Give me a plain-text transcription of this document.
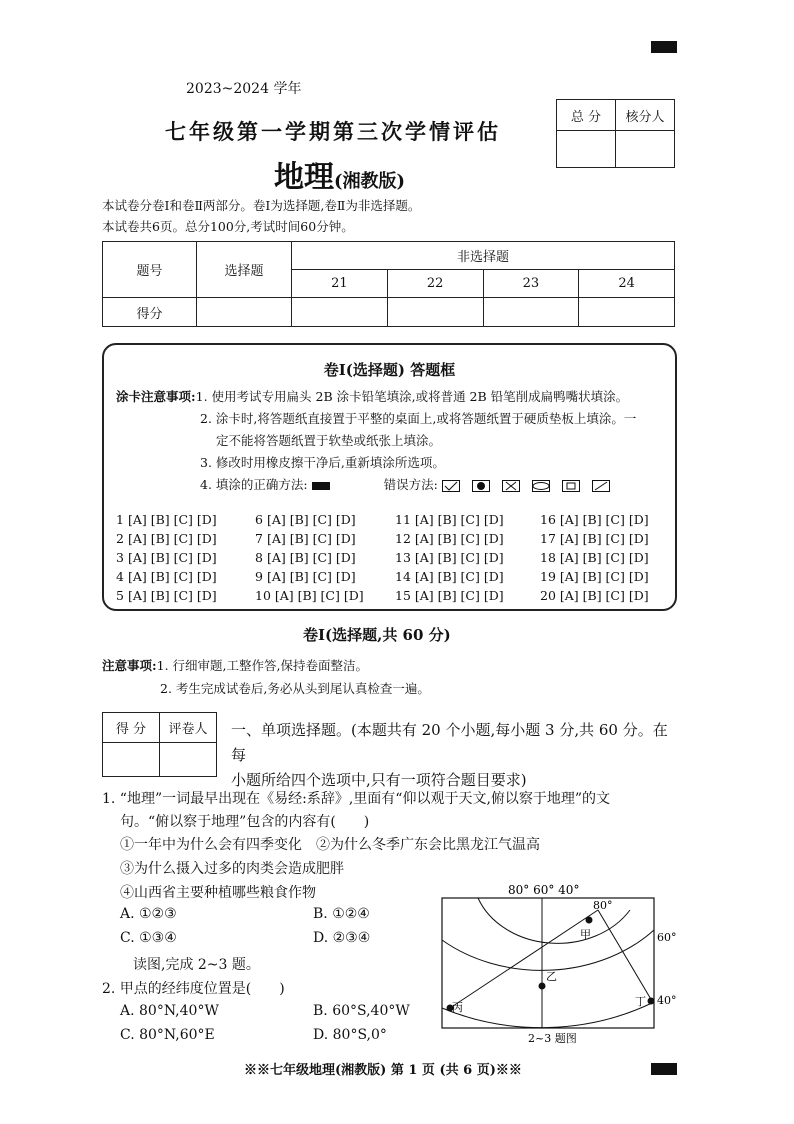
2023~2024 学年
七年级第一学期第三次学情评估
地理(湘教版)
总 分	核分人

本试卷分卷Ⅰ和卷Ⅱ两部分。卷Ⅰ为选择题,卷Ⅱ为非选择题。
本试卷共6页。总分100分,考试时间60分钟。
题号	选择题	非选择题			
		21	22	23	24
得分					
卷Ⅰ(选择题) 答题框
涂卡注意事项:1. 使用考试专用扁头 2B 涂卡铅笔填涂,或将普通 2B 铅笔削成扁鸭嘴状填涂。
2. 涂卡时,将答题纸直接置于平整的桌面上,或将答题纸置于硬质垫板上填涂。一
定不能将答题纸置于软垫或纸张上填涂。
3. 修改时用橡皮擦干净后,重新填涂所选项。
4. 填涂的正确方法:	错误方法:
1 [A] [B] [C] [D]
2 [A] [B] [C] [D]
3 [A] [B] [C] [D]
4 [A] [B] [C] [D]
5 [A] [B] [C] [D]
6 [A] [B] [C] [D]
7 [A] [B] [C] [D]
8 [A] [B] [C] [D]
9 [A] [B] [C] [D]
10 [A] [B] [C] [D]
11 [A] [B] [C] [D]
12 [A] [B] [C] [D]
13 [A] [B] [C] [D]
14 [A] [B] [C] [D]
15 [A] [B] [C] [D]
16 [A] [B] [C] [D]
17 [A] [B] [C] [D]
18 [A] [B] [C] [D]
19 [A] [B] [C] [D]
20 [A] [B] [C] [D]
卷Ⅰ(选择题,共 60 分)
注意事项:1. 行细审题,工整作答,保持卷面整洁。
2. 考生完成试卷后,务必从头到尾认真检查一遍。
得 分	评卷人
	一、单项选择题。(本题共有 20 个小题,每小题 3 分,共 60 分。在每
小题所给四个选项中,只有一项符合题目要求)
1. “地理”一词最早出现在《易经:系辞》,里面有“仰以观于天文,俯以察于地理”的文
句。“俯以察于地理”包含的内容有(　　)
①一年中为什么会有四季变化　②为什么冬季广东会比黑龙江气温高
③为什么摄入过多的肉类会造成肥胖
④山西省主要种植哪些粮食作物
A. ①②③	B. ①②④
C. ①③④	D. ②③④
读图,完成 2~3 题。
2. 甲点的经纬度位置是(　　)
A. 80°N,40°W	B. 60°S,40°W
C. 80°N,60°E	D. 80°S,0°
80° 60° 40°
80°
60°
40°
甲
乙
丙	丁
2~3 题图
※※七年级地理(湘教版) 第 1 页 (共 6 页)※※
